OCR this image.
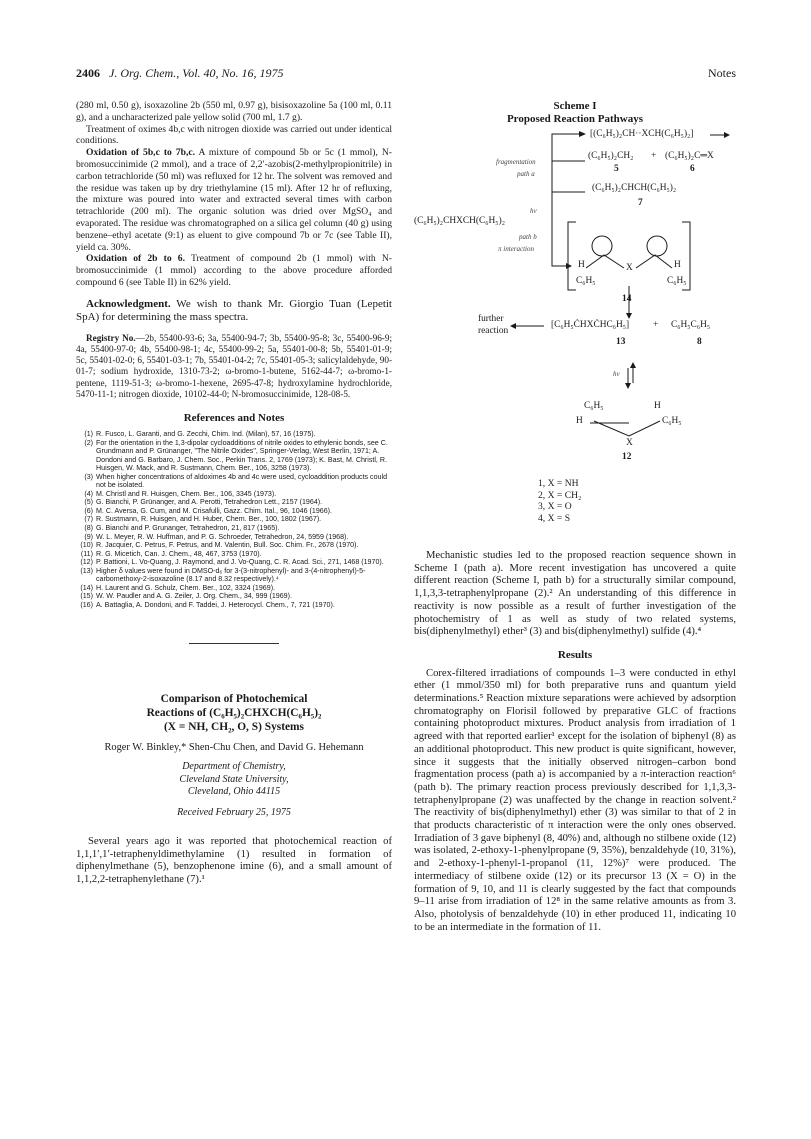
2406 J. Org. Chem., Vol. 40, No. 16, 1975	Notes

(280 ml, 0.50 g), isoxazoline 2b (550 ml, 0.97 g), bisisoxazoline 5a (100 ml, 0.11 g), and a uncharacterized pale yellow solid (700 ml, 1.7 g).

Treatment of oximes 4b,c with nitrogen dioxide was carried out under identical conditions.

Oxidation of 5b,c to 7b,c. A mixture of compound 5b or 5c (1 mmol), N-bromosuccinimide (2 mmol), and a trace of 2,2′-azobis(2-methylpropionitrile) in carbon tetrachloride (50 ml) was refluxed for 12 hr. The solvent was removed and the residue was taken up by dry triethylamine (15 ml). After 12 hr of refluxing, the mixture was poured into water and extracted several times with carbon tetrachloride (200 ml). The organic solution was dried over MgSO₄ and evaporated. The residue was chromatographed on a silica gel column (40 g) using benzene–ethyl acetate (9:1) as eluent to give compound 7b or 7c (see Table II), yield ca. 30%.

Oxidation of 2b to 6. Treatment of compound 2b (1 mmol) with N-bromosuccinimide (1 mmol) according to the above procedure afforded compound 6 (see Table II) in 62% yield.

Acknowledgment. We wish to thank Mr. Giorgio Tuan (Lepetit SpA) for determining the mass spectra.
Registry No.—2b, 55400-93-6; 3a, 55400-94-7; 3b, 55400-95-8; 3c, 55400-96-9; 4a, 55400-97-0; 4b, 55400-98-1; 4c, 55400-99-2; 5a, 55401-00-8; 5b, 55401-01-9; 5c, 55401-02-0; 6, 55401-03-1; 7b, 55401-04-2; 7c, 55401-05-3; salicylaldehyde, 90-01-7; sodium hydroxide, 1310-73-2; ω-bromo-1-butene, 5162-44-7; ω-bromo-1-pentene, 1119-51-3; ω-bromo-1-hexene, 2695-47-8; hydroxylamine hydrochloride, 5470-11-1; nitrogen dioxide, 10102-44-0; N-bromosuccinimide, 128-08-5.
References and Notes
(1) R. Fusco, L. Garanti, and G. Zecchi, Chim. Ind. (Milan), 57, 16 (1975).
(2) For the orientation in the 1,3-dipolar cycloadditions of nitrile oxides to ethylenic bonds, see C. Grundmann and P. Grünanger, "The Nitrile Oxides", Springer-Verlag, West Berlin, 1971; A. Dondoni and G. Barbaro, J. Chem. Soc., Perkin Trans. 2, 1769 (1973); K. Bast, M. Christl, R. Huisgen, W. Mack, and R. Sustmann, Chem. Ber., 106, 3258 (1973).
(3) When higher concentrations of aldoximes 4b and 4c were used, cycloaddition products could not be isolated.
(4) M. Christl and R. Huisgen, Chem. Ber., 106, 3345 (1973).
(5) G. Bianchi, P. Grünanger, and A. Perotti, Tetrahedron Lett., 2157 (1964).
(6) M. C. Aversa, G. Cum, and M. Crisafulli, Gazz. Chim. Ital., 96, 1046 (1966).
(7) R. Sustmann, R. Huisgen, and H. Huber, Chem. Ber., 100, 1802 (1967).
(8) G. Bianchi and P. Grunanger, Tetrahedron, 21, 817 (1965).
(9) W. L. Meyer, R. W. Huffman, and P. G. Schroeder, Tetrahedron, 24, 5959 (1968).
(10) R. Jacquier, C. Petrus, F. Petrus, and M. Valentin, Bull. Soc. Chim. Fr., 2678 (1970).
(11) R. G. Micetich, Can. J. Chem., 48, 467, 3753 (1970).
(12) P. Battioni, L. Vo-Quang, J. Raymond, and J. Vo-Quang, C. R. Acad. Sci., 271, 1468 (1970).
(13) Higher δ values were found in DMSO-d₆ for 3-(3-nitrophenyl)- and 3-(4-nitrophenyl)-5-carbomethoxy-2-isoxazoline (8.17 and 8.32 respectively).⁴
(14) H. Laurent and G. Schulz, Chem. Ber., 102, 3324 (1969).
(15) W. W. Paudler and A. G. Zeiler, J. Org. Chem., 34, 999 (1969).
(16) A. Battaglia, A. Dondoni, and F. Taddei, J. Heterocycl. Chem., 7, 721 (1970).
Comparison of Photochemical
Reactions of (C₆H₅)₂CHXCH(C₆H₅)₂
(X = NH, CH₂, O, S) Systems
Roger W. Binkley,* Shen-Chu Chen, and David G. Hehemann
Department of Chemistry,
Cleveland State University,
Cleveland, Ohio 44115
Received February 25, 1975
Several years ago it was reported that photochemical reaction of 1,1,1′,1′-tetraphenyldimethylamine (1) resulted in formation of diphenylmethane (5), benzophenone imine (6), and a small amount of 1,1,2,2-tetraphenylethane (7).¹
Scheme I
Proposed Reaction Pathways
[(C₆H₅)₂CH··XCH(C₆H₅)₂]
(C₆H₅)₂CH₂ + (C₆H₅)₂C═X
5	6
(C₆H₅)₂CHCH(C₆H₅)₂
7
fragmentation
path a
hν
(C₆H₅)₂CHXCH(C₆H₅)₂
path b
π interaction
H	H
X
C₆H₅	C₆H₅
14
further
reaction
[C₆H₅ĊHXĊHC₆H₅]	+ C₆H₅C₆H₅
13	8
hν
C₆H₅	H
H	C₆H₅
X
12
1, X = NH
2, X = CH₂
3, X = O
4, X = S

Mechanistic studies led to the proposed reaction sequence shown in Scheme I (path a). More recent investigation has uncovered a quite different reaction (Scheme I, path b) for a structurally similar compound, 1,1,3,3-tetraphenylpropane (2).² An understanding of this difference in reactivity is now possible as a result of further investigation of the photochemistry of 1 as well as study of two related systems, bis(diphenylmethyl) ether³ (3) and bis(diphenylmethyl) sulfide (4).⁴

Results

Corex-filtered irradiations of compounds 1–3 were conducted in ethyl ether (1 mmol/350 ml) for both preparative runs and quantum yield determinations.⁵ Reaction mixture separations were achieved by adsorption chromatography on Florisil followed by preparative GLC of fractions containing photoproduct mixtures. Product analysis from irradiation of 1 agreed with that reported earlier¹ except for the isolation of biphenyl (8) as an additional photoproduct. This new product is quite significant, however, since it suggests that the initially observed nitrogen–carbon bond fragmentation process (path a) is accompanied by a π-interaction reaction⁶ (path b). The primary reaction process previously described for 1,1,3,3-tetraphenylpropane (2) was unaffected by the change in reaction solvent.² The reactivity of bis(diphenylmethyl) ether (3) was similar to that of 2 in that products characteristic of π interaction were the only ones observed. Irradiation of 3 gave biphenyl (8, 40%) and, although no stilbene oxide (12) was isolated, 2-ethoxy-1-phenylpropane (9, 35%), benzaldehyde (10, 31%), and 2-ethoxy-1-phenyl-1-propanol (11, 12%)⁷ were produced. The intermediacy of stilbene oxide (12) or its precursor 13 (X = O) in the formation of 9, 10, and 11 is clearly suggested by the fact that compounds 9–11 arise from irradiation of 12⁸ in the same relative amounts as from 3. Also, photolysis of benzaldehyde (10) in ether produced 11, indicating 10 to be an intermediate in the formation of 11.
